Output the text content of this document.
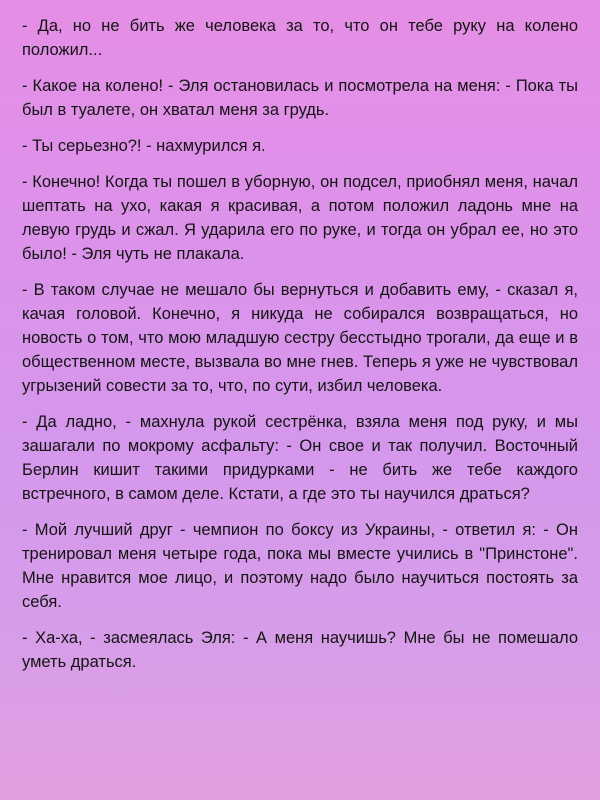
- Да, но не бить же человека за то, что он тебе руку на колено положил...

- Какое на колено! - Эля остановилась и посмотрела на меня: - Пока ты был в туалете, он хватал меня за грудь.

- Ты серьезно?! - нахмурился я.

- Конечно! Когда ты пошел в уборную, он подсел, приобнял меня, начал шептать на ухо, какая я красивая, а потом положил ладонь мне на левую грудь и сжал. Я ударила его по руке, и тогда он убрал ее, но это было! - Эля чуть не плакала.

- В таком случае не мешало бы вернуться и добавить ему, - сказал я, качая головой. Конечно, я никуда не собирался возвращаться, но новость о том, что мою младшую сестру бесстыдно трогали, да еще и в общественном месте, вызвала во мне гнев. Теперь я уже не чувствовал угрызений совести за то, что, по сути, избил человека.

- Да ладно, - махнула рукой сестрёнка, взяла меня под руку, и мы зашагали по мокрому асфальту: - Он свое и так получил. Восточный Берлин кишит такими придурками - не бить же тебе каждого встречного, в самом деле. Кстати, а где это ты научился драться?

- Мой лучший друг - чемпион по боксу из Украины, - ответил я: - Он тренировал меня четыре года, пока мы вместе учились в "Принстоне". Мне нравится мое лицо, и поэтому надо было научиться постоять за себя.

- Ха-ха, - засмеялась Эля: - А меня научишь? Мне бы не помешало уметь драться.
